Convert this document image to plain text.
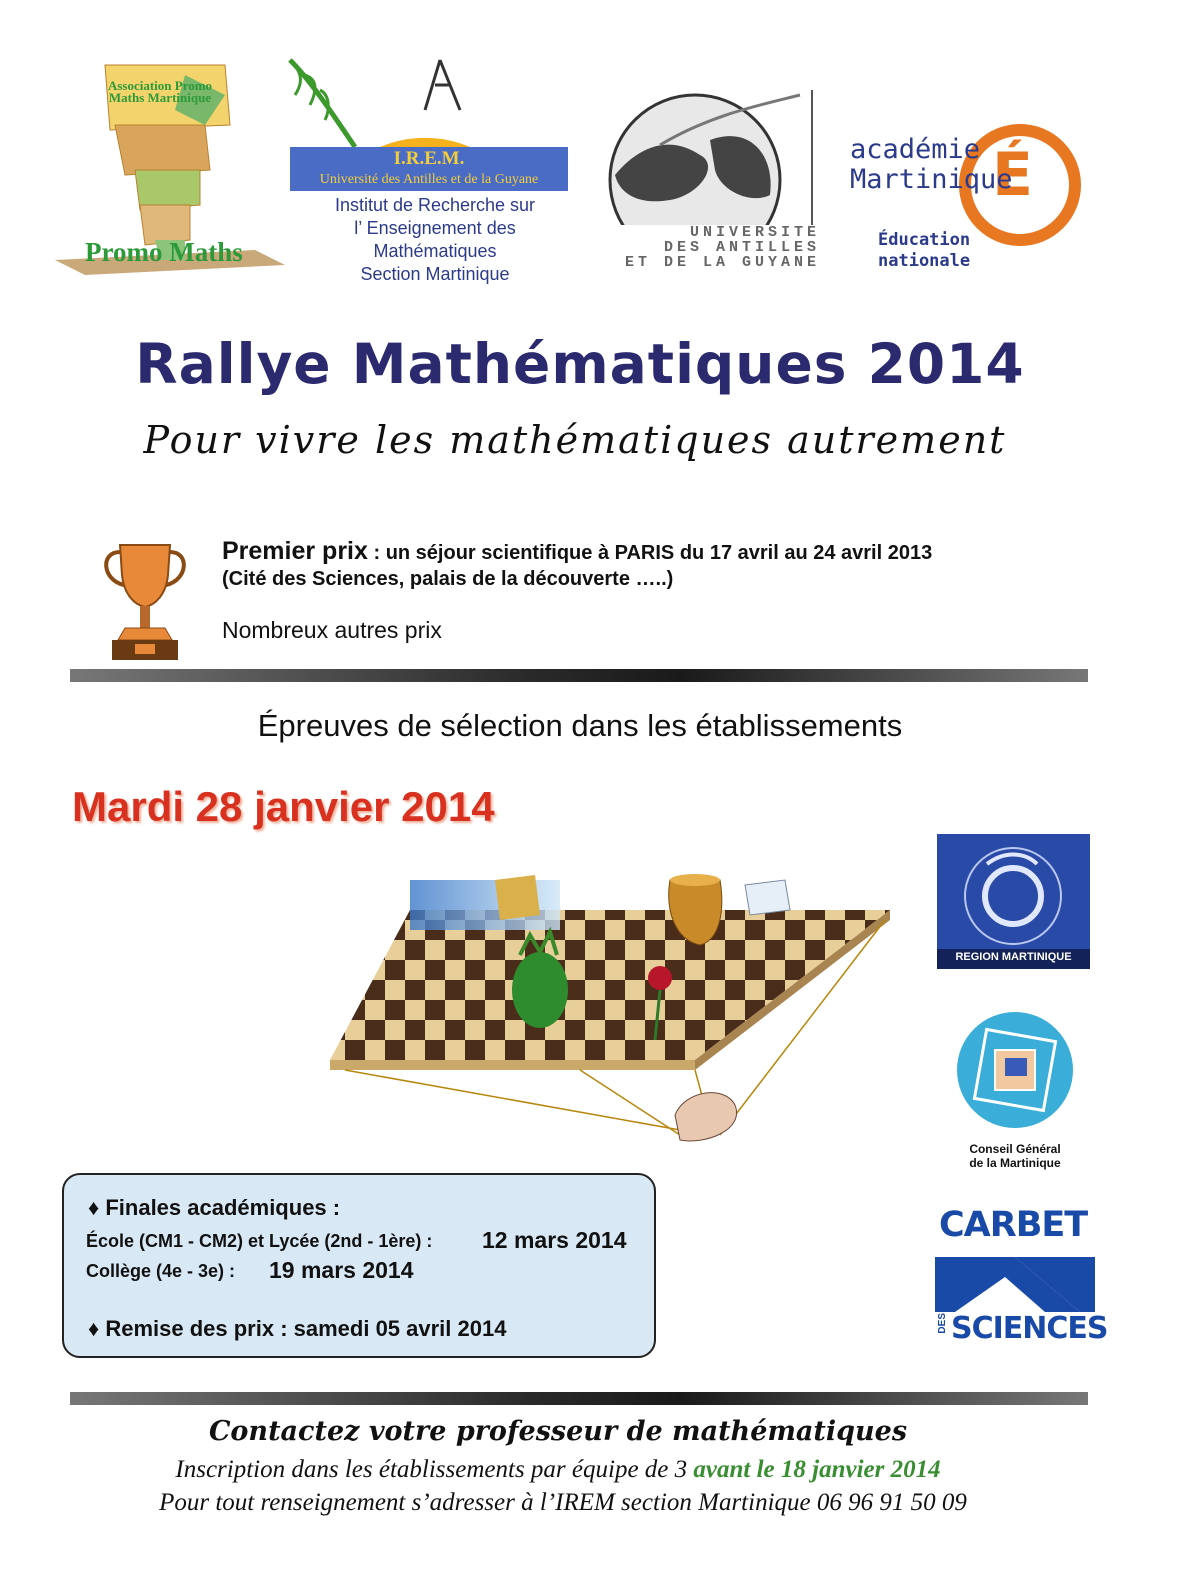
Association Promo Maths Martinique
Promo Maths
I.R.E.M.
Université des Antilles et de la Guyane
Institut de Recherche sur
l’ Enseignement des
Mathématiques
Section Martinique
UNIVERSITE
DES ANTILLES
ET DE LA GUYANE
É
académie
Martinique
Éducation
nationale
Rallye Mathématiques 2014
Pour vivre les mathématiques autrement
Premier prix : un séjour scientifique à PARIS du 17 avril au 24 avril 2013
(Cité des Sciences, palais de la découverte …..)
Nombreux autres prix
Épreuves de sélection dans les établissements
Mardi 28 janvier 2014
♦ Finales académiques :
École (CM1 - CM2) et Lycée (2nd - 1ère) : 12 mars 2014
Collège (4e - 3e) : 19 mars 2014
♦ Remise des prix : samedi 05 avril 2014
REGION MARTINIQUE
Conseil Général
de la Martinique
CARBET
DES SCIENCES
Contactez votre professeur de mathématiques
Inscription dans les établissements par équipe de 3 avant le 18 janvier 2014
Pour tout renseignement s’adresser à l’IREM section Martinique 06 96 91 50 09
